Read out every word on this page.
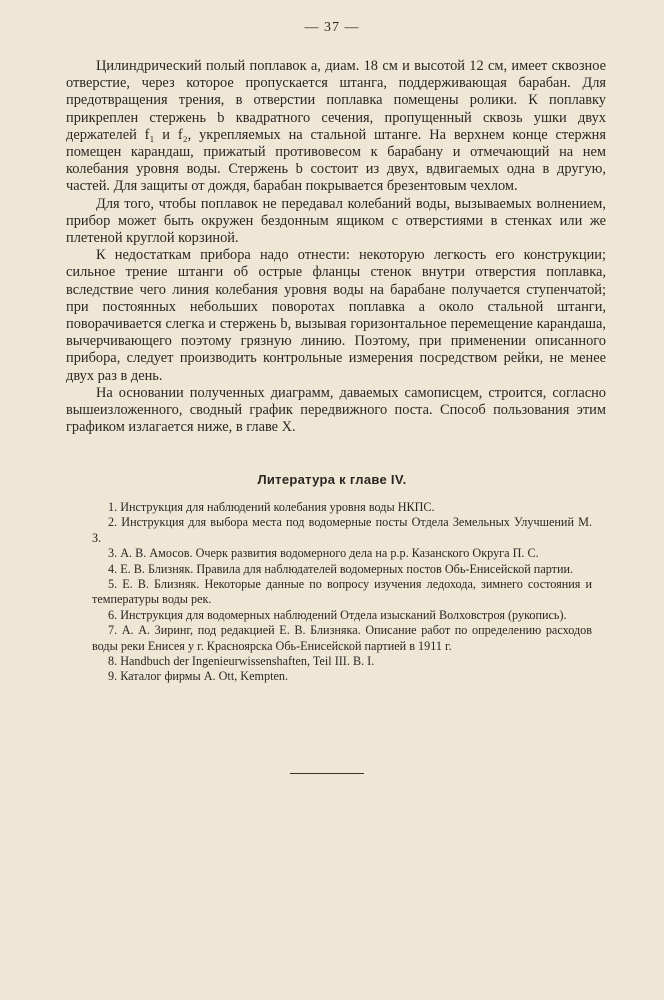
— 37 —

Цилиндрический полый поплавок a, диам. 18 см и высотой 12 см, имеет сквозное отверстие, через которое пропускается штанга, поддерживающая барабан. Для предотвращения трения, в отверстии поплавка помещены ролики. К поплавку прикреплен стержень b квадратного сечения, пропущенный сквозь ушки двух держателей f₁ и f₂, укрепляемых на стальной штанге. На верхнем конце стержня помещен карандаш, прижатый противовесом к барабану и отмечающий на нем колебания уровня воды. Стержень b состоит из двух, вдвигаемых одна в другую, частей. Для защиты от дождя, барабан покрывается брезентовым чехлом.

Для того, чтобы поплавок не передавал колебаний воды, вызываемых волнением, прибор может быть окружен бездонным ящиком с отверстиями в стенках или же плетеной круглой корзиной.

К недостаткам прибора надо отнести: некоторую легкость его конструкции; сильное трение штанги об острые фланцы стенок внутри отверстия поплавка, вследствие чего линия колебания уровня воды на барабане получается ступенчатой; при постоянных небольших поворотах поплавка a около стальной штанги, поворачивается слегка и стержень b, вызывая горизонтальное перемещение карандаша, вычерчивающего поэтому грязную линию. Поэтому, при применении описанного прибора, следует производить контрольные измерения посредством рейки, не менее двух раз в день.

На основании полученных диаграмм, даваемых самописцем, строится, согласно вышеизложенного, сводный график передвижного поста. Способ пользования этим графиком излагается ниже, в главе X.

Литература к главе IV.

1. Инструкция для наблюдений колебания уровня воды НКПС.

2. Инструкция для выбора места под водомерные посты Отдела Земельных Улучшений М. З.

3. А. В. Амосов. Очерк развития водомерного дела на р.р. Казанского Округа П. С.

4. Е. В. Близняк. Правила для наблюдателей водомерных постов Обь-Енисейской партии.

5. Е. В. Близняк. Некоторые данные по вопросу изучения ледохода, зимнего состояния и температуры воды рек.

6. Инструкция для водомерных наблюдений Отдела изысканий Волховстроя (рукопись).

7. А. А. Зиринг, под редакцией Е. В. Близняка. Описание работ по определению расходов воды реки Енисея у г. Красноярска Обь-Енисейской партией в 1911 г.

8. Handbuch der Ingenieurwissenshaften, Teil III. B. I.

9. Каталог фирмы A. Ott, Kempten.
